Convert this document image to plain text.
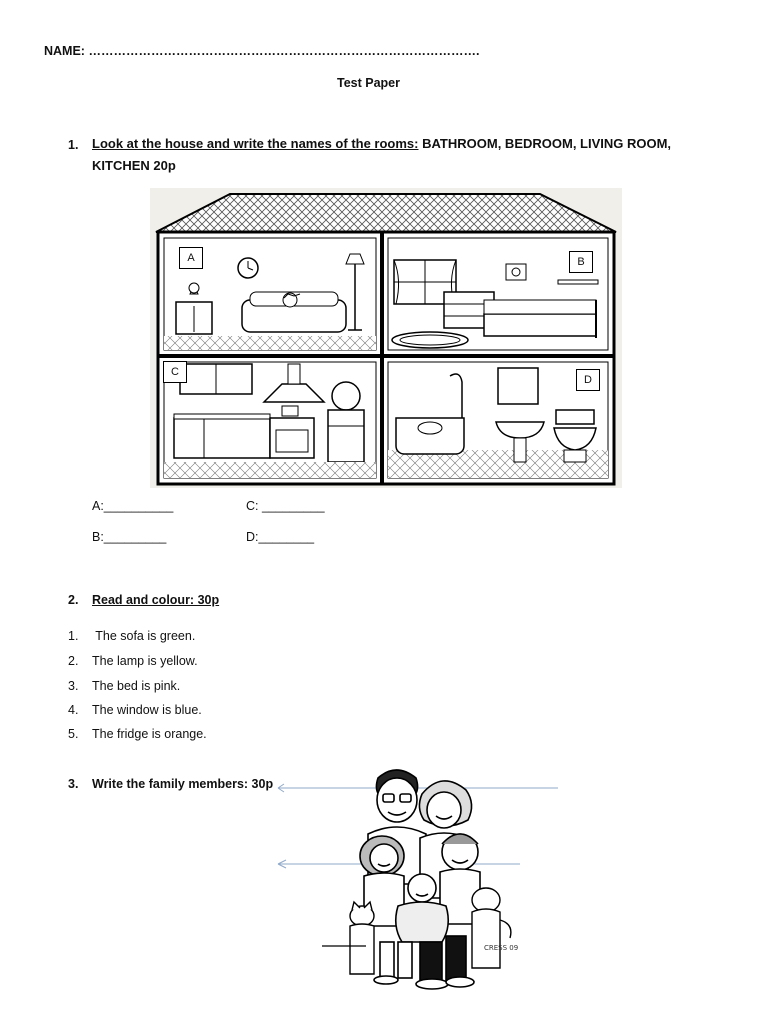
NAME: ………………………………………………………………………………….
Test Paper
1. Look at the house and write the names of the rooms: BATHROOM, BEDROOM, LIVING ROOM,
KITCHEN 20p
A	B
C
D
A:__________	C: _________
B:_________	D:________
2. Read and colour: 30p
1. The sofa is green.
2. The lamp is yellow.
3. The bed is pink.
4. The window is blue.
5. The fridge is orange.
3. Write the family members: 30p
CRESS 09
